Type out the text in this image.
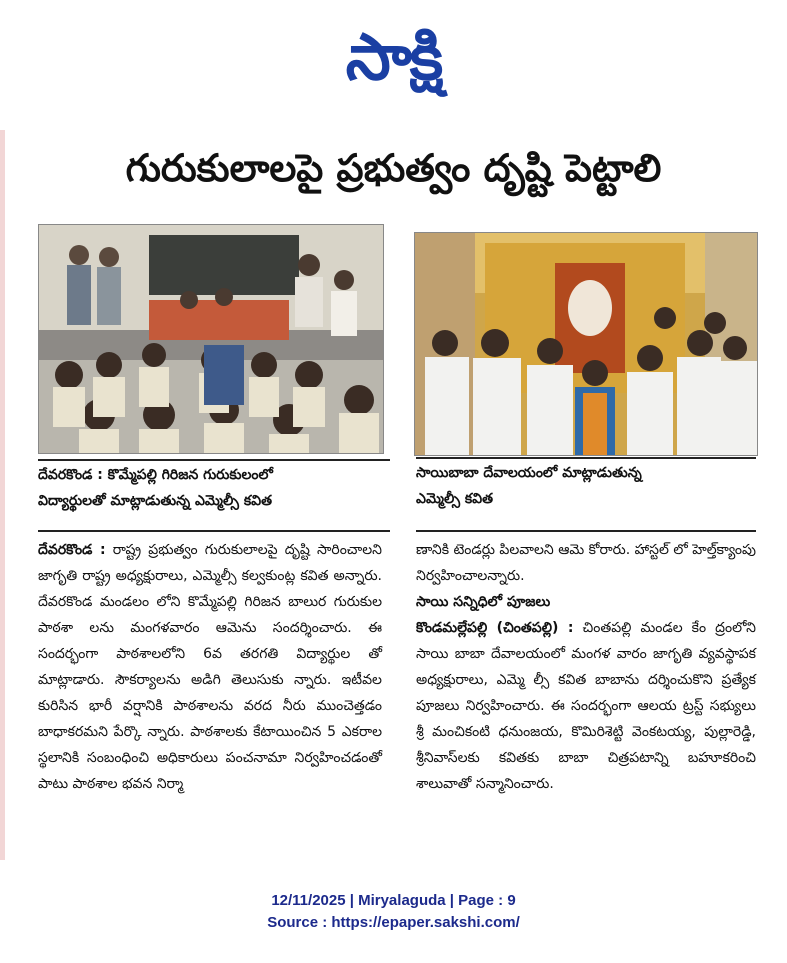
సాక్షి
గురుకులాలపై ప్రభుత్వం దృష్టి పెట్టాలి
దేవరకొండ : కొమ్మేపల్లి గిరిజన గురుకులంలో
విద్యార్థులతో మాట్లాడుతున్న ఎమ్మెల్సీ కవిత
సాయిబాబా దేవాలయంలో మాట్లాడుతున్న
ఎమ్మెల్సీ కవిత
దేవరకొండ : రాష్ట్ర ప్రభుత్వం గురుకులాలపై దృష్టి సారించాలని జాగృతి రాష్ట్ర అధ్యక్షురాలు, ఎమ్మెల్సీ కల్వకుంట్ల కవిత అన్నారు. దేవరకొండ మండలం లోని కొమ్మేపల్లి గిరిజన బాలుర గురుకుల పాఠశా లను మంగళవారం ఆమెను సందర్శించారు. ఈ సందర్భంగా పాఠశాలలోని 6వ తరగతి విద్యార్థుల తో మాట్లాడారు. సౌకర్యాలను అడిగి తెలుసుకు న్నారు. ఇటీవల కురిసిన భారీ వర్షానికి పాఠశాలను వరద నీరు ముంచెత్తడం బాధాకరమని పేర్కొ న్నారు. పాఠశాలకు కేటాయించిన 5 ఎకరాల స్థలానికి సంబంధించి అధికారులు పంచనామా నిర్వహించడంతో పాటు పాఠశాల భవన నిర్మా
ణానికి టెండర్లు పిలవాలని ఆమె కోరారు. హాస్టల్ లో హెల్త్‌క్యాంపు నిర్వహించాలన్నారు.
సాయి సన్నిధిలో పూజలు
కొండమల్లేపల్లి (చింతపల్లి) : చింతపల్లి మండల కేం ద్రంలోని సాయి బాబా దేవాలయంలో మంగళ వారం జాగృతి వ్యవస్థాపక అధ్యక్షురాలు, ఎమ్మె ల్సీ కవిత బాబాను దర్శించుకొని ప్రత్యేక పూజలు నిర్వహించారు. ఈ సందర్భంగా ఆలయ ట్రస్ట్ సభ్యులు శ్రీ మంచికంటి ధనుంజయ, కొమిరిశెట్టి వెంకటయ్య, పుల్లారెడ్డి, శ్రీనివాస్‌లకు కవితకు బాబా చిత్రపటాన్ని బహూకరించి శాలువాతో సన్మానించారు.
12/11/2025 | Miryalaguda | Page : 9
Source : https://epaper.sakshi.com/
